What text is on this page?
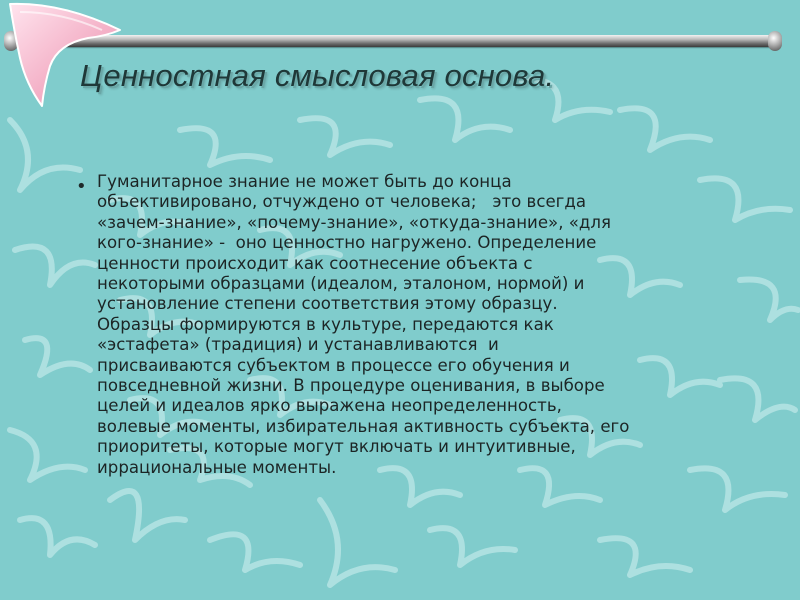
Ценностная смысловая основа.
• Гуманитарное знание не может быть до конца
объективировано, отчуждено от человека;   это всегда
«зачем-знание», «почему-знание», «откуда-знание», «для
кого-знание» -  оно ценностно нагружено. Определение
ценности происходит как соотнесение объекта с
некоторыми образцами (идеалом, эталоном, нормой) и
установление степени соответствия этому образцу.
Образцы формируются в культуре, передаются как
«эстафета» (традиция) и устанавливаются  и
присваиваются субъектом в процессе его обучения и
повседневной жизни. В процедуре оценивания, в выборе
целей и идеалов ярко выражена неопределенность,
волевые моменты, избирательная активность субъекта, его
приоритеты, которые могут включать и интуитивные,
иррациональные моменты.
